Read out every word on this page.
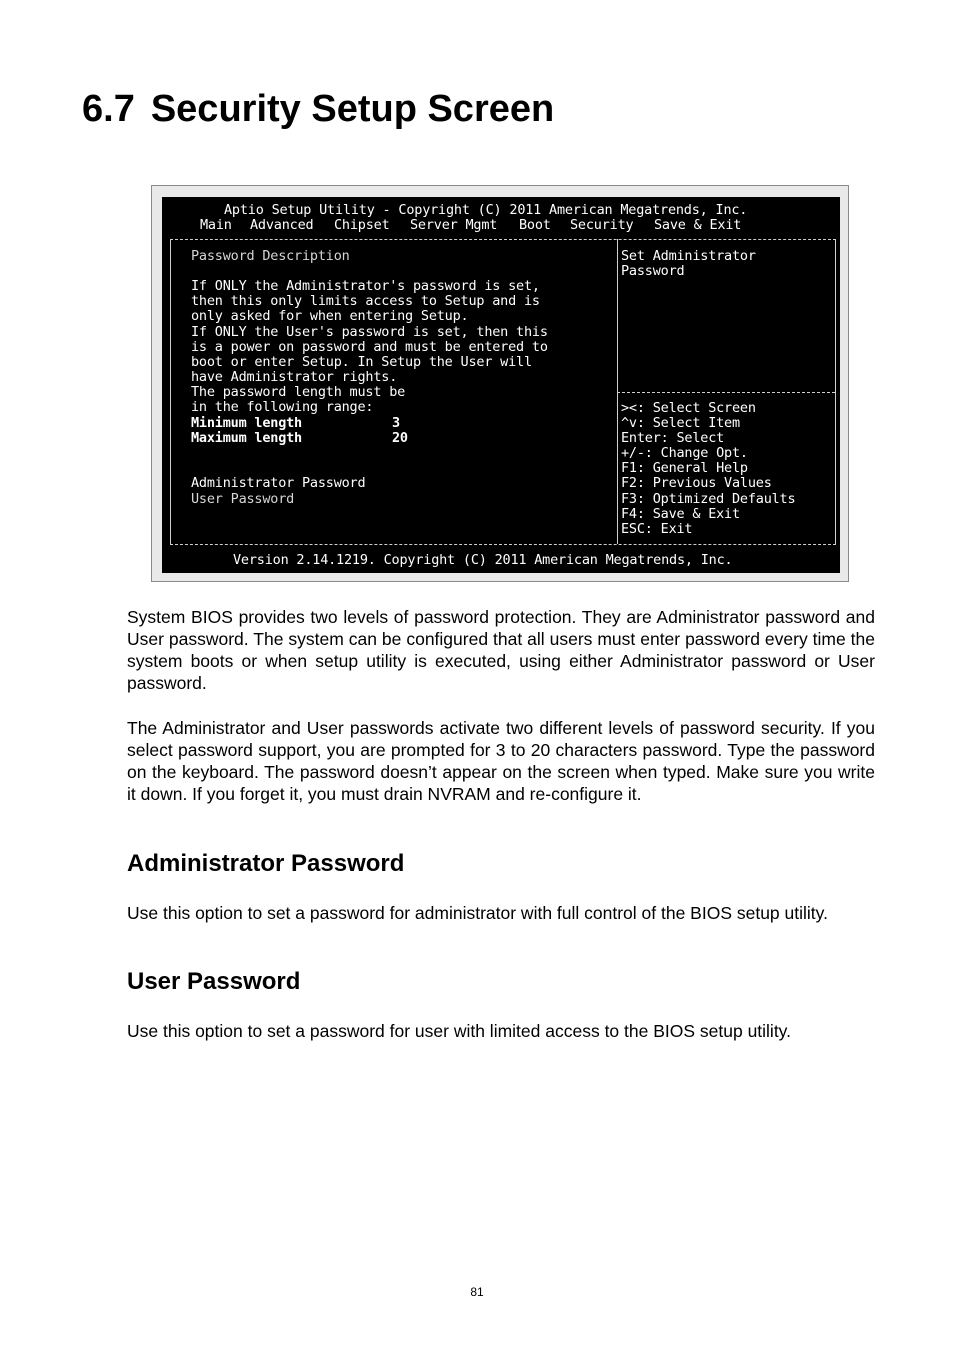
6.7 Security Setup Screen
Aptio Setup Utility - Copyright (C) 2011 American Megatrends, Inc.
Main Advanced Chipset Server Mgmt Boot Security Save & Exit
Password Description
If ONLY the Administrator's password is set,
then this only limits access to Setup and is
only asked for when entering Setup.
If ONLY the User's password is set, then this
is a power on password and must be entered to
boot or enter Setup. In Setup the User will
have Administrator rights.
The password length must be
in the following range:
Minimum length	3
Maximum length	20
Administrator Password
User Password
Set Administrator
Password
><: Select Screen
^v: Select Item
Enter: Select
+/-: Change Opt.
F1: General Help
F2: Previous Values
F3: Optimized Defaults
F4: Save & Exit
ESC: Exit
Version 2.14.1219. Copyright (C) 2011 American Megatrends, Inc.

System BIOS provides two levels of password protection. They are Administrator password and User password. The system can be configured that all users must enter password every time the system boots or when setup utility is executed, using either Administrator password or User password.

The Administrator and User passwords activate two different levels of password security. If you select password support, you are prompted for 3 to 20 characters password. Type the password on the keyboard. The password doesn’t appear on the screen when typed. Make sure you write it down. If you forget it, you must drain NVRAM and re-configure it.

Administrator Password

Use this option to set a password for administrator with full control of the BIOS setup utility.

User Password

Use this option to set a password for user with limited access to the BIOS setup utility.

81
